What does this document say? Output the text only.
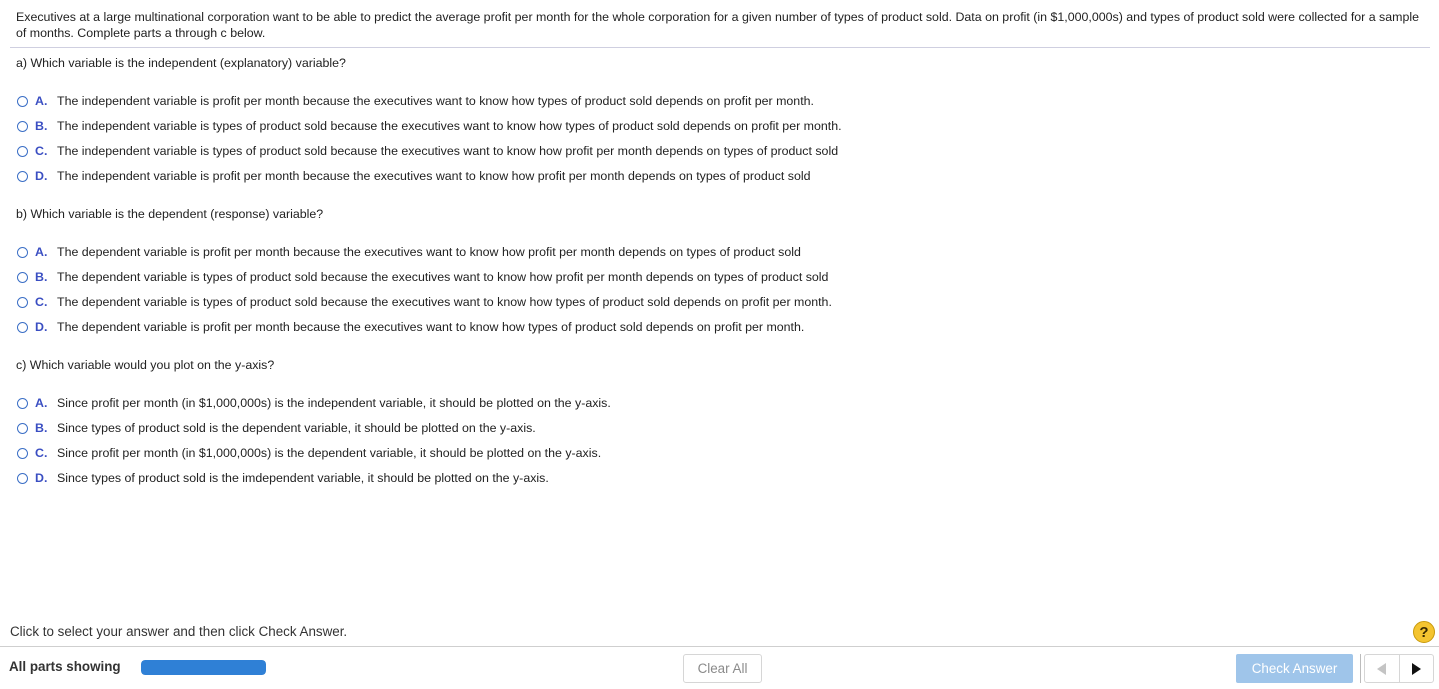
Executives at a large multinational corporation want to be able to predict the average profit per month for the whole corporation for a given number of types of product sold. Data on profit (in $1,000,000s) and types of product sold were collected for a sample of months. Complete parts a through c below.
a) Which variable is the independent (explanatory) variable?
A. The independent variable is profit per month because the executives want to know how types of product sold depends on profit per month.
B. The independent variable is types of product sold because the executives want to know how types of product sold depends on profit per month.
C. The independent variable is types of product sold because the executives want to know how profit per month depends on types of product sold
D. The independent variable is profit per month because the executives want to know how profit per month depends on types of product sold
b) Which variable is the dependent (response) variable?
A. The dependent variable is profit per month because the executives want to know how profit per month depends on types of product sold
B. The dependent variable is types of product sold because the executives want to know how profit per month depends on types of product sold
C. The dependent variable is types of product sold because the executives want to know how types of product sold depends on profit per month.
D. The dependent variable is profit per month because the executives want to know how types of product sold depends on profit per month.
c) Which variable would you plot on the y-axis?
A. Since profit per month (in $1,000,000s) is the independent variable, it should be plotted on the y-axis.
B. Since types of product sold is the dependent variable, it should be plotted on the y-axis.
C. Since profit per month (in $1,000,000s) is the dependent variable, it should be plotted on the y-axis.
D. Since types of product sold is the imdependent variable, it should be plotted on the y-axis.
Click to select your answer and then click Check Answer.	?
All parts showing	Clear All	Check Answer
